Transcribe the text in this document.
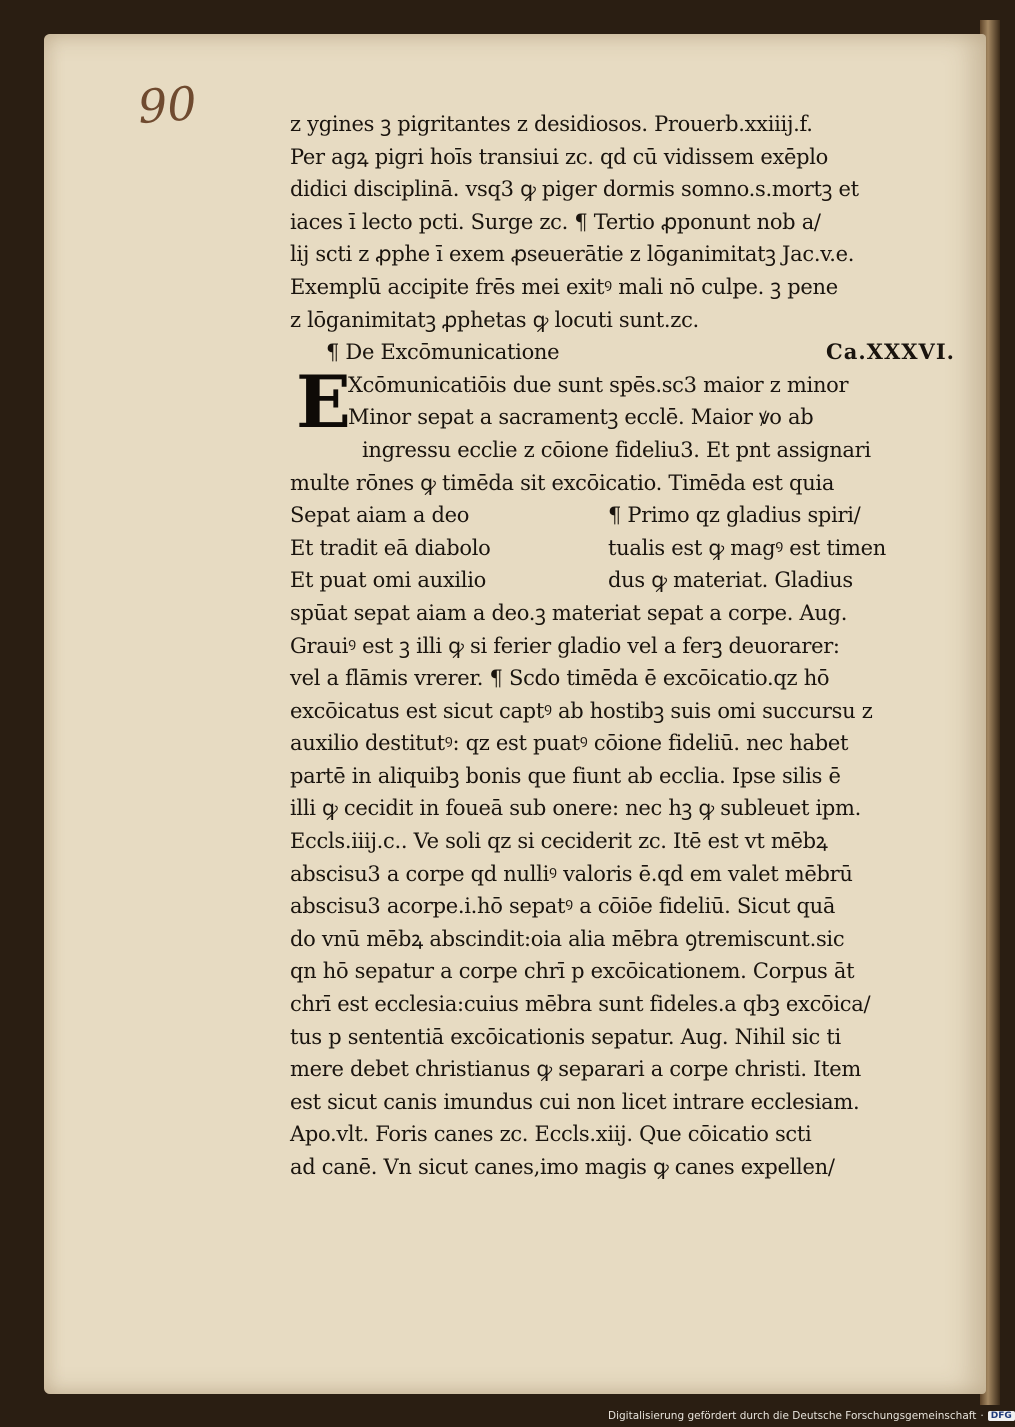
90	z ygines ꝫ pigritantes z desidiosos. Prouerb.xxiiij.f.
Per agꝝ pigri hoīs transiui zc. qd cū vidissem exēplo
didici disciplinā. vsq3 ꝙ piger dormis somno.s.mortꝫ et
iaces ī lecto pcti. Surge zc. ¶ Tertio ꝓponunt nob a/
lij scti z ꝓphe ī exem ꝓseuerātie z lōganimitatꝫ Jac.v.e.
Exemplū accipite frēs mei exitꝰ mali nō culpe. ꝫ pene
z lōganimitatꝫ ꝓphetas ꝙ locuti sunt.zc.
¶ De Excōmunicatione	Ca.XXXVI.
E
Xcōmunicatiōis due sunt spēs.sc3 maior z minor
Minor sepat a sacramentꝫ ecclē. Maior ꝟo ab
ingressu ecclie z cōione fideliu3. Et pnt assignari
multe rōnes ꝙ timēda sit excōicatio. Timēda est quia
Sepat aiam a deo
Et tradit eā diabolo
Et puat omi auxilio
¶ Primo qz gladius spiri/
tualis est ꝙ magꝰ est timen
dus ꝙ materiat. Gladius
spūat sepat aiam a deo.ꝫ materiat sepat a corpe. Aug.
Grauiꝰ est ꝫ illi ꝙ si ferier gladio vel a ferꝫ deuorarer:
vel a flāmis vrerer. ¶ Scdo timēda ē excōicatio.qz hō
excōicatus est sicut captꝰ ab hostibꝫ suis omi succursu z
auxilio destitutꝰ: qz est puatꝰ cōione fideliū. nec habet
partē in aliquibꝫ bonis que fiunt ab ecclia. Ipse silis ē
illi ꝙ cecidit in foueā sub onere: nec hꝫ ꝙ subleuet ipm.
Eccls.iiij.c.. Ve soli qz si ceciderit zc. Itē est vt mēbꝝ
abscisu3 a corpe qd nulliꝰ valoris ē.qd em valet mēbrū
abscisu3 acorpe.i.hō sepatꝰ a cōiōe fideliū. Sicut quā
do vnū mēbꝝ abscindit:oia alia mēbra ꝯtremiscunt.sic
qn hō sepatur a corpe chrī p excōicationem. Corpus āt
chrī est ecclesia:cuius mēbra sunt fideles.a qbꝫ excōica/
tus p sententiā excōicationis sepatur. Aug. Nihil sic ti
mere debet christianus ꝙ separari a corpe christi. Item
est sicut canis imundus cui non licet intrare ecclesiam.
Apo.vlt. Foris canes zc. Eccls.xiij. Que cōicatio scti
ad canē. Vn sicut canes,imo magis ꝙ canes expellen/
Digitalisierung gefördert durch die Deutsche Forschungsgemeinschaft · DFG
